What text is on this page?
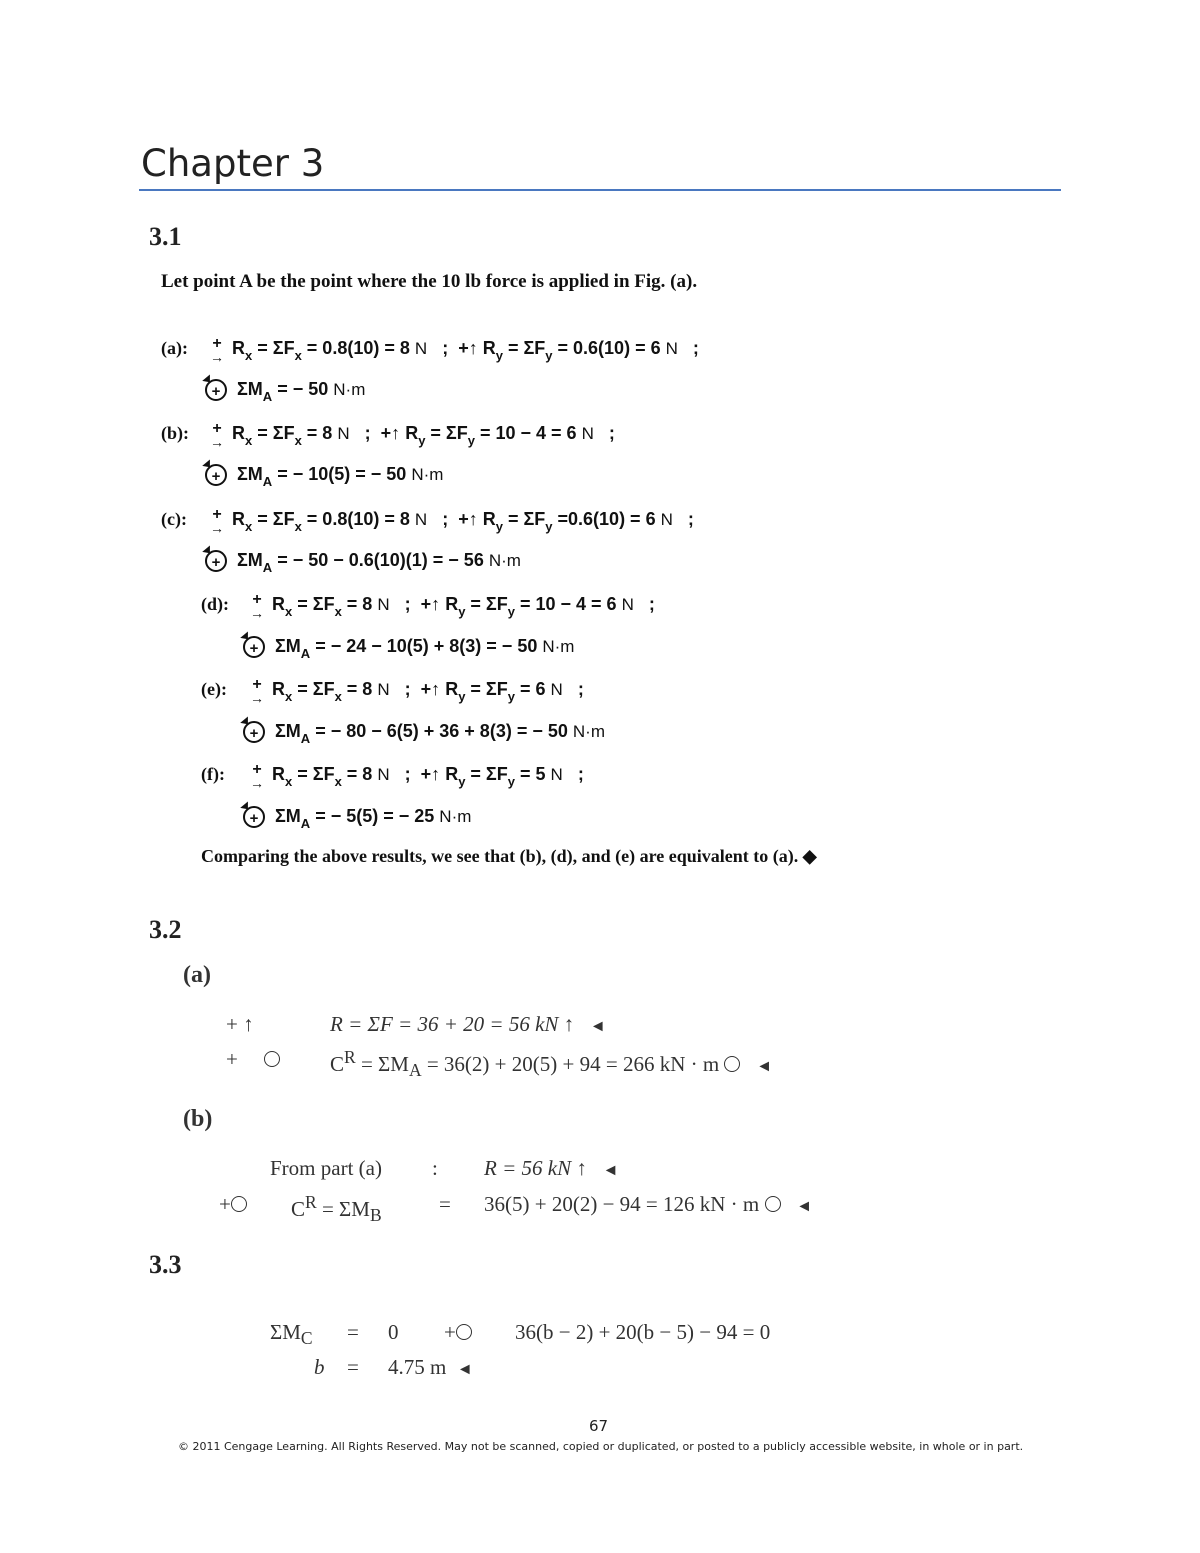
Chapter 3
3.1
Let point A be the point where the 10 lb force is applied in Fig. (a).
(a): +
→ $R_x = \Sigma F_x = 0.8(10) = 8$ N ; +↑ $R_y = \Sigma F_y = 0.6(10) = 6$ N ;
+ $\Sigma M_A$ = − 50 N·m
(b): +
→ $R_x = \Sigma F_x = 8$ N ; +↑ $R_y = \Sigma F_y = 10 - 4 = 6$ N ;
+ $\Sigma M_A$ = − 10(5) = − 50 N·m
(c): +
→ $R_x = \Sigma F_x = 0.8(10) = 8$ N ; +↑ $R_y = \Sigma F_y =0.6(10) = 6$ N ;
+ $\Sigma M_A$ = − 50 − 0.6(10)(1) = − 56 N·m
(d): +
→ $R_x = \Sigma F_x = 8$ N ; +↑ $R_y = \Sigma F_y = 10 - 4 = 6$ N ;
+ $\Sigma M_A$ = − 24 − 10(5) + 8(3) = − 50 N·m
(e): +
→ $R_x = \Sigma F_x = 8$ N ; +↑ $R_y = \Sigma F_y = 6$ N ;
+ $\Sigma M_A$ = − 80 − 6(5) + 36 + 8(3) = − 50 N·m
(f): +
→ $R_x = \Sigma F_x = 8$ N ; +↑ $R_y = \Sigma F_y = 5$ N ;
+ $\Sigma M_A$ = − 5(5) = − 25 N·m
Comparing the above results, we see that (b), (d), and (e) are equivalent to (a). ◆
3.2
(a)
+ ↑	R = ΣF = 36 + 20 = 56 kN ↑ ◄
+	$C^R = \Sigma M_A = 36(2) + 20(5) + 94 = 266$ kN · m ◄
(b)
From part (a) : R = 56 kN ↑ ◄
+	$C^R = \Sigma M_B$	= 36(5) + 20(2) − 94 = 126 kN · m ◄
3.3
$\Sigma M_C = 0$ +	36(b − 2) + 20(b − 5) − 94 = 0
b = 4.75 m ◄
67
© 2011 Cengage Learning. All Rights Reserved. May not be scanned, copied or duplicated, or posted to a publicly accessible website, in whole or in part.
